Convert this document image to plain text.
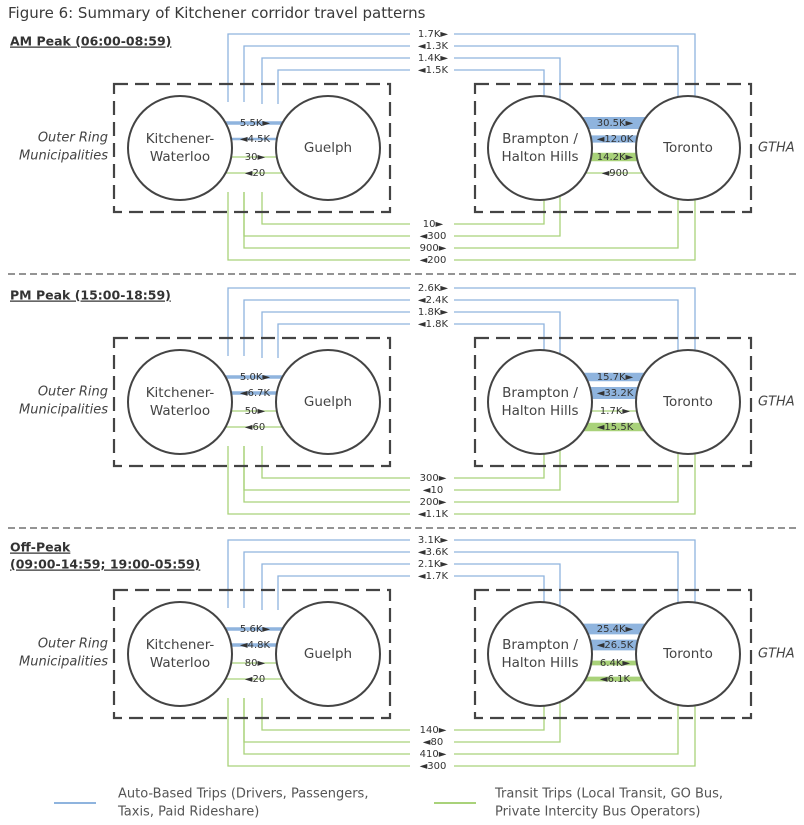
Figure 6: Summary of Kitchener corridor travel patterns
AM Peak (06:00-08:59)	1.7K►
◄1.3K
1.4K►
◄1.5K
10►
◄300
900►
◄200
Outer Ring
Municipalities
GTHA
5.5K►
◄4.5K
30►
◄20
30.5K►
◄12.0K
14.2K►
◄900
Kitchener-
Waterloo
Guelph
Brampton /
Halton Hills
Toronto
PM Peak (15:00-18:59)	2.6K►
◄2.4K
1.8K►
◄1.8K
300►
◄10
200►
◄1.1K
Outer Ring
Municipalities
GTHA
5.0K►
◄6.7K
50►
◄60
15.7K►
◄33.2K
1.7K►
◄15.5K
Kitchener-
Waterloo
Guelph
Brampton /
Halton Hills
Toronto
Off-Peak
(09:00-14:59; 19:00-05:59)
3.1K►
◄3.6K
2.1K►
◄1.7K
140►
◄80
410►
◄300
Outer Ring
Municipalities
GTHA
5.6K►
◄4.8K
80►
◄20
25.4K►
◄26.5K
6.4K►
◄6.1K
Kitchener-
Waterloo
Guelph
Brampton /
Halton Hills
Toronto
Auto-Based Trips (Drivers, Passengers,
Taxis, Paid Rideshare)
Transit Trips (Local Transit, GO Bus,
Private Intercity Bus Operators)
